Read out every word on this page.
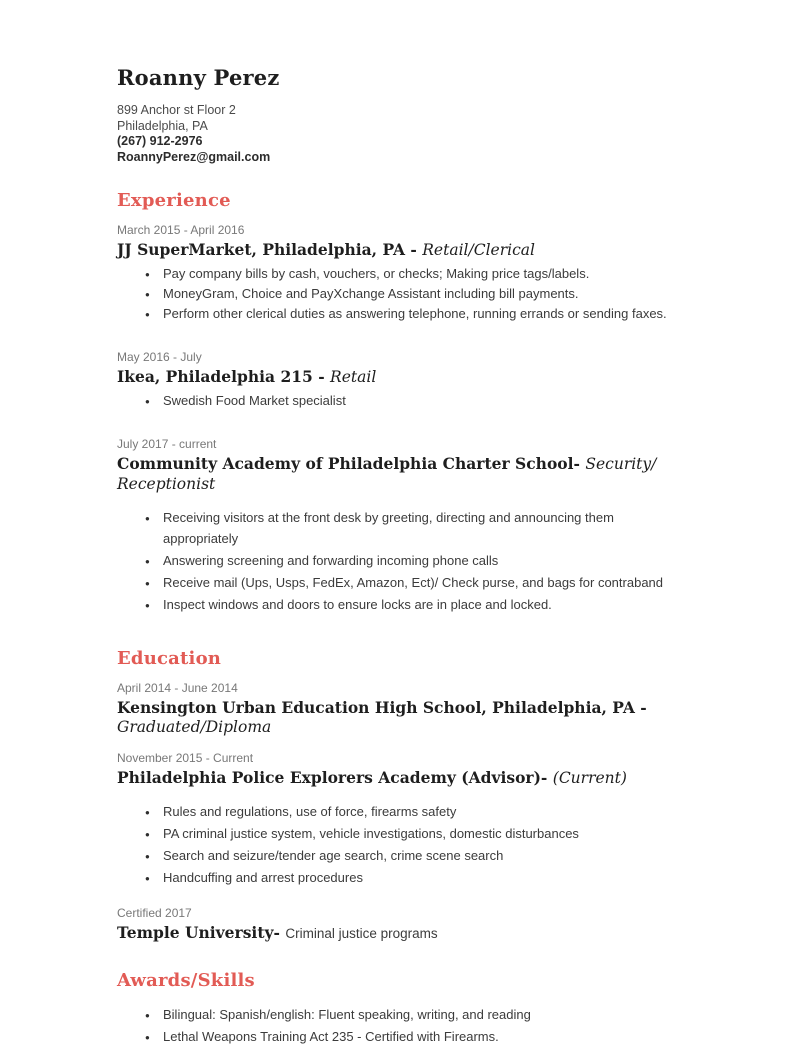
Roanny Perez
899 Anchor st Floor 2
Philadelphia, PA
(267) 912-2976
RoannyPerez@gmail.com
Experience
March 2015 - April 2016
JJ SuperMarket, Philadelphia, PA - Retail/Clerical
● Pay company bills by cash, vouchers, or checks; Making price tags/labels.
● MoneyGram, Choice and PayXchange Assistant including bill payments.
● Perform other clerical duties as answering telephone, running errands or sending faxes.
May 2016 - July
Ikea, Philadelphia 215 - Retail
● Swedish Food Market specialist
July 2017 - current
Community Academy of Philadelphia Charter School- Security/ Receptionist
● Receiving visitors at the front desk by greeting, directing and announcing them appropriately
● Answering screening and forwarding incoming phone calls
● Receive mail (Ups, Usps, FedEx, Amazon, Ect)/ Check purse, and bags for contraband
● Inspect windows and doors to ensure locks are in place and locked.
Education
April 2014 - June 2014
Kensington Urban Education High School, Philadelphia, PA - Graduated/Diploma
November 2015 - Current
Philadelphia Police Explorers Academy (Advisor)- (Current)
● Rules and regulations, use of force, firearms safety
● PA criminal justice system, vehicle investigations, domestic disturbances
● Search and seizure/tender age search, crime scene search
● Handcuffing and arrest procedures
Certified 2017
Temple University- Criminal justice programs
Awards/Skills
● Bilingual: Spanish/english: Fluent speaking, writing, and reading
● Lethal Weapons Training Act 235 - Certified with Firearms.
